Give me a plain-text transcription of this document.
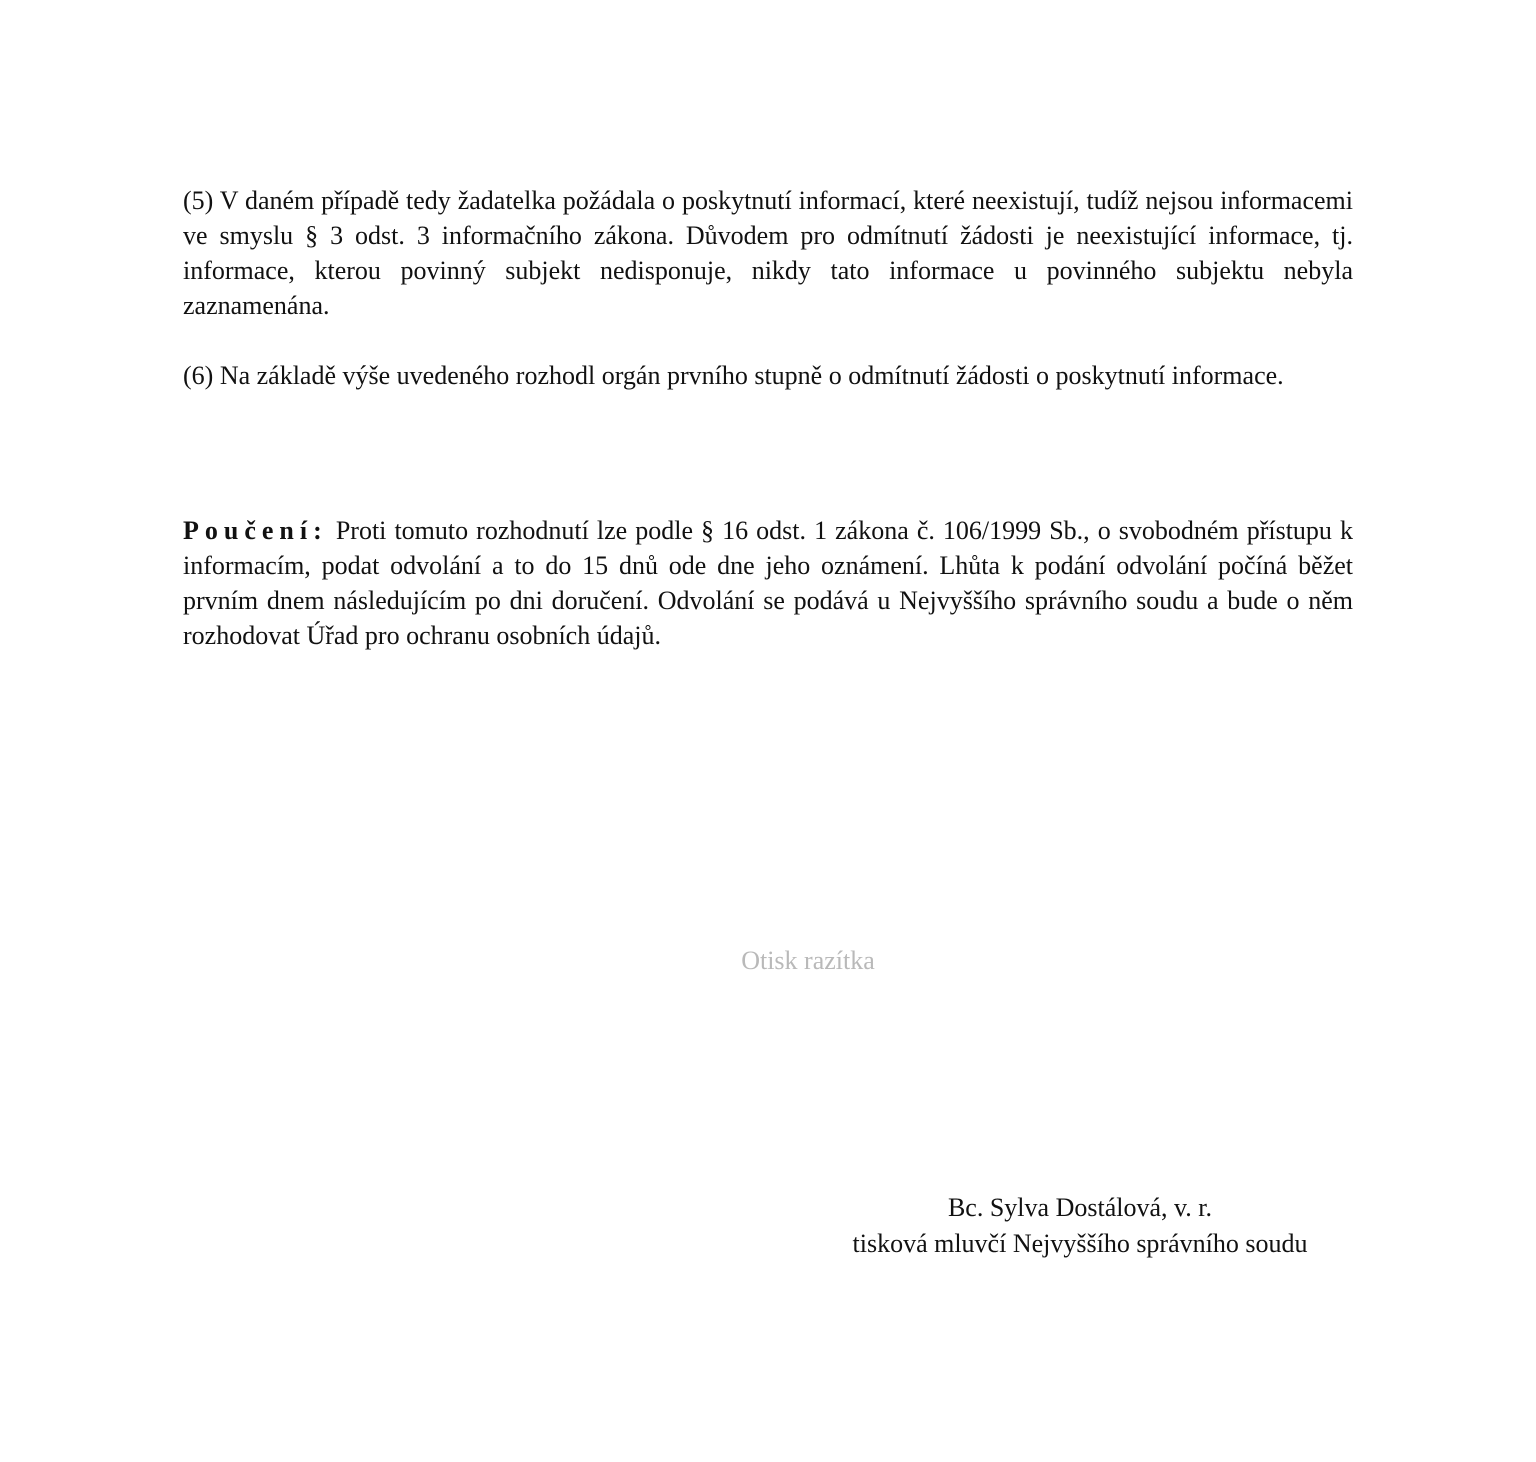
(5) V daném případě tedy žadatelka požádala o poskytnutí informací, které neexistují, tudíž nejsou informacemi ve smyslu § 3 odst. 3 informačního zákona. Důvodem pro odmítnutí žádosti je neexistující informace, tj. informace, kterou povinný subjekt nedisponuje, nikdy tato informace u povinného subjektu nebyla zaznamenána.

(6) Na základě výše uvedeného rozhodl orgán prvního stupně o odmítnutí žádosti o poskytnutí informace.

Poučení: Proti tomuto rozhodnutí lze podle § 16 odst. 1 zákona č. 106/1999 Sb., o svobodném přístupu k informacím, podat odvolání a to do 15 dnů ode dne jeho oznámení. Lhůta k podání odvolání počíná běžet prvním dnem následujícím po dni doručení. Odvolání se podává u Nejvyššího správního soudu a bude o něm rozhodovat Úřad pro ochranu osobních údajů.

Otisk razítka
Bc. Sylva Dostálová, v. r.
tisková mluvčí Nejvyššího správního soudu
